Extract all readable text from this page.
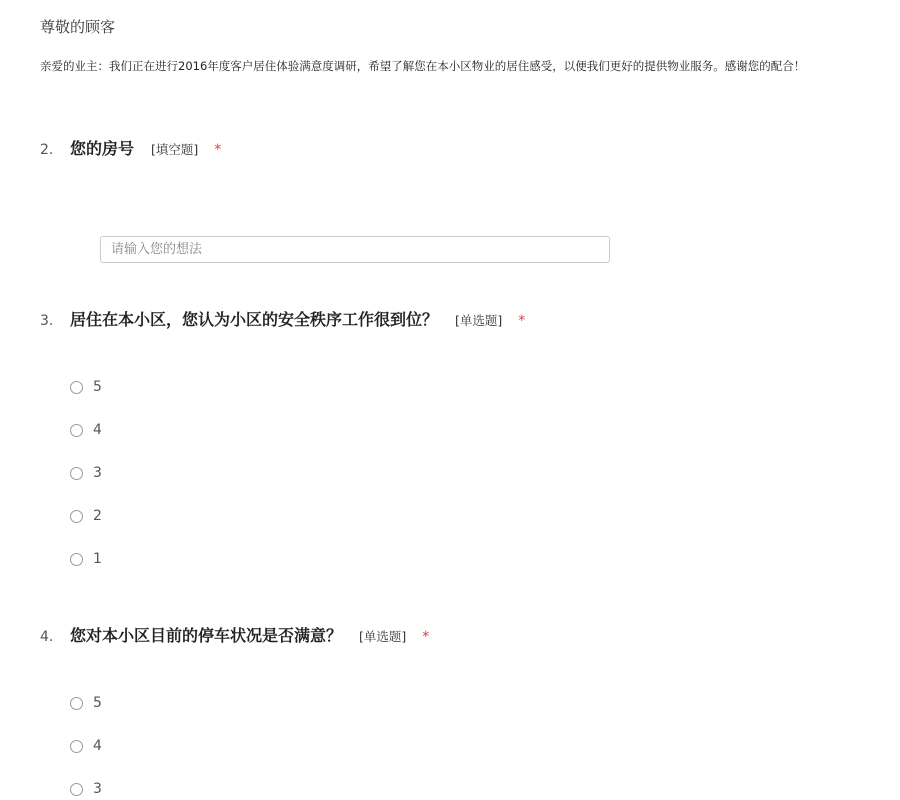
尊敬的顾客
亲爱的业主：我们正在进行2016年度客户居住体验满意度调研，希望了解您在本小区物业的居住感受，以便我们更好的提供物业服务。感谢您的配合！
2.	您的房号 [填空题] *
请输入您的想法
3.	居住在本小区，您认为小区的安全秩序工作很到位？ [单选题] *
5
4
3
2
1
4.	您对本小区目前的停车状况是否满意？ [单选题] *
5
4
3
